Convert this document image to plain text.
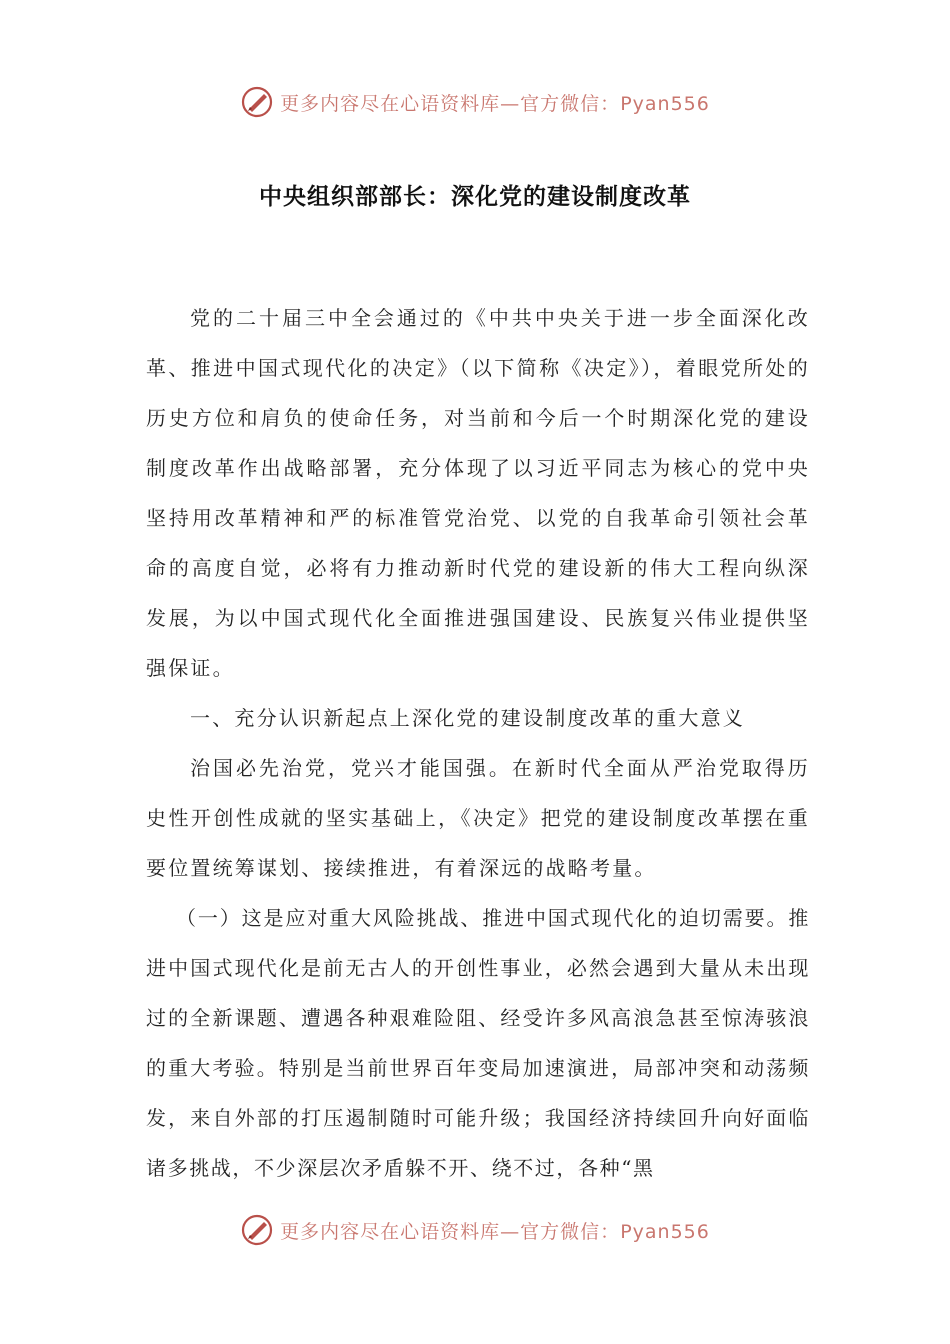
更多内容尽在心语资料库—官方微信：Pyan556
中央组织部部长：深化党的建设制度改革

党的二十届三中全会通过的《中共中央关于进一步全面深化改革、推进中国式现代化的决定》（以下简称《决定》），着眼党所处的历史方位和肩负的使命任务，对当前和今后一个时期深化党的建设制度改革作出战略部署，充分体现了以习近平同志为核心的党中央坚持用改革精神和严的标准管党治党、以党的自我革命引领社会革命的高度自觉，必将有力推动新时代党的建设新的伟大工程向纵深发展，为以中国式现代化全面推进强国建设、民族复兴伟业提供坚强保证。

一、充分认识新起点上深化党的建设制度改革的重大意义

治国必先治党，党兴才能国强。在新时代全面从严治党取得历史性开创性成就的坚实基础上，《决定》把党的建设制度改革摆在重要位置统筹谋划、接续推进，有着深远的战略考量。

（一）这是应对重大风险挑战、推进中国式现代化的迫切需要。推进中国式现代化是前无古人的开创性事业，必然会遇到大量从未出现过的全新课题、遭遇各种艰难险阻、经受许多风高浪急甚至惊涛骇浪的重大考验。特别是当前世界百年变局加速演进，局部冲突和动荡频发，来自外部的打压遏制随时可能升级；我国经济持续回升向好面临诸多挑战，不少深层次矛盾躲不开、绕不过，各种“黑

更多内容尽在心语资料库—官方微信：Pyan556
